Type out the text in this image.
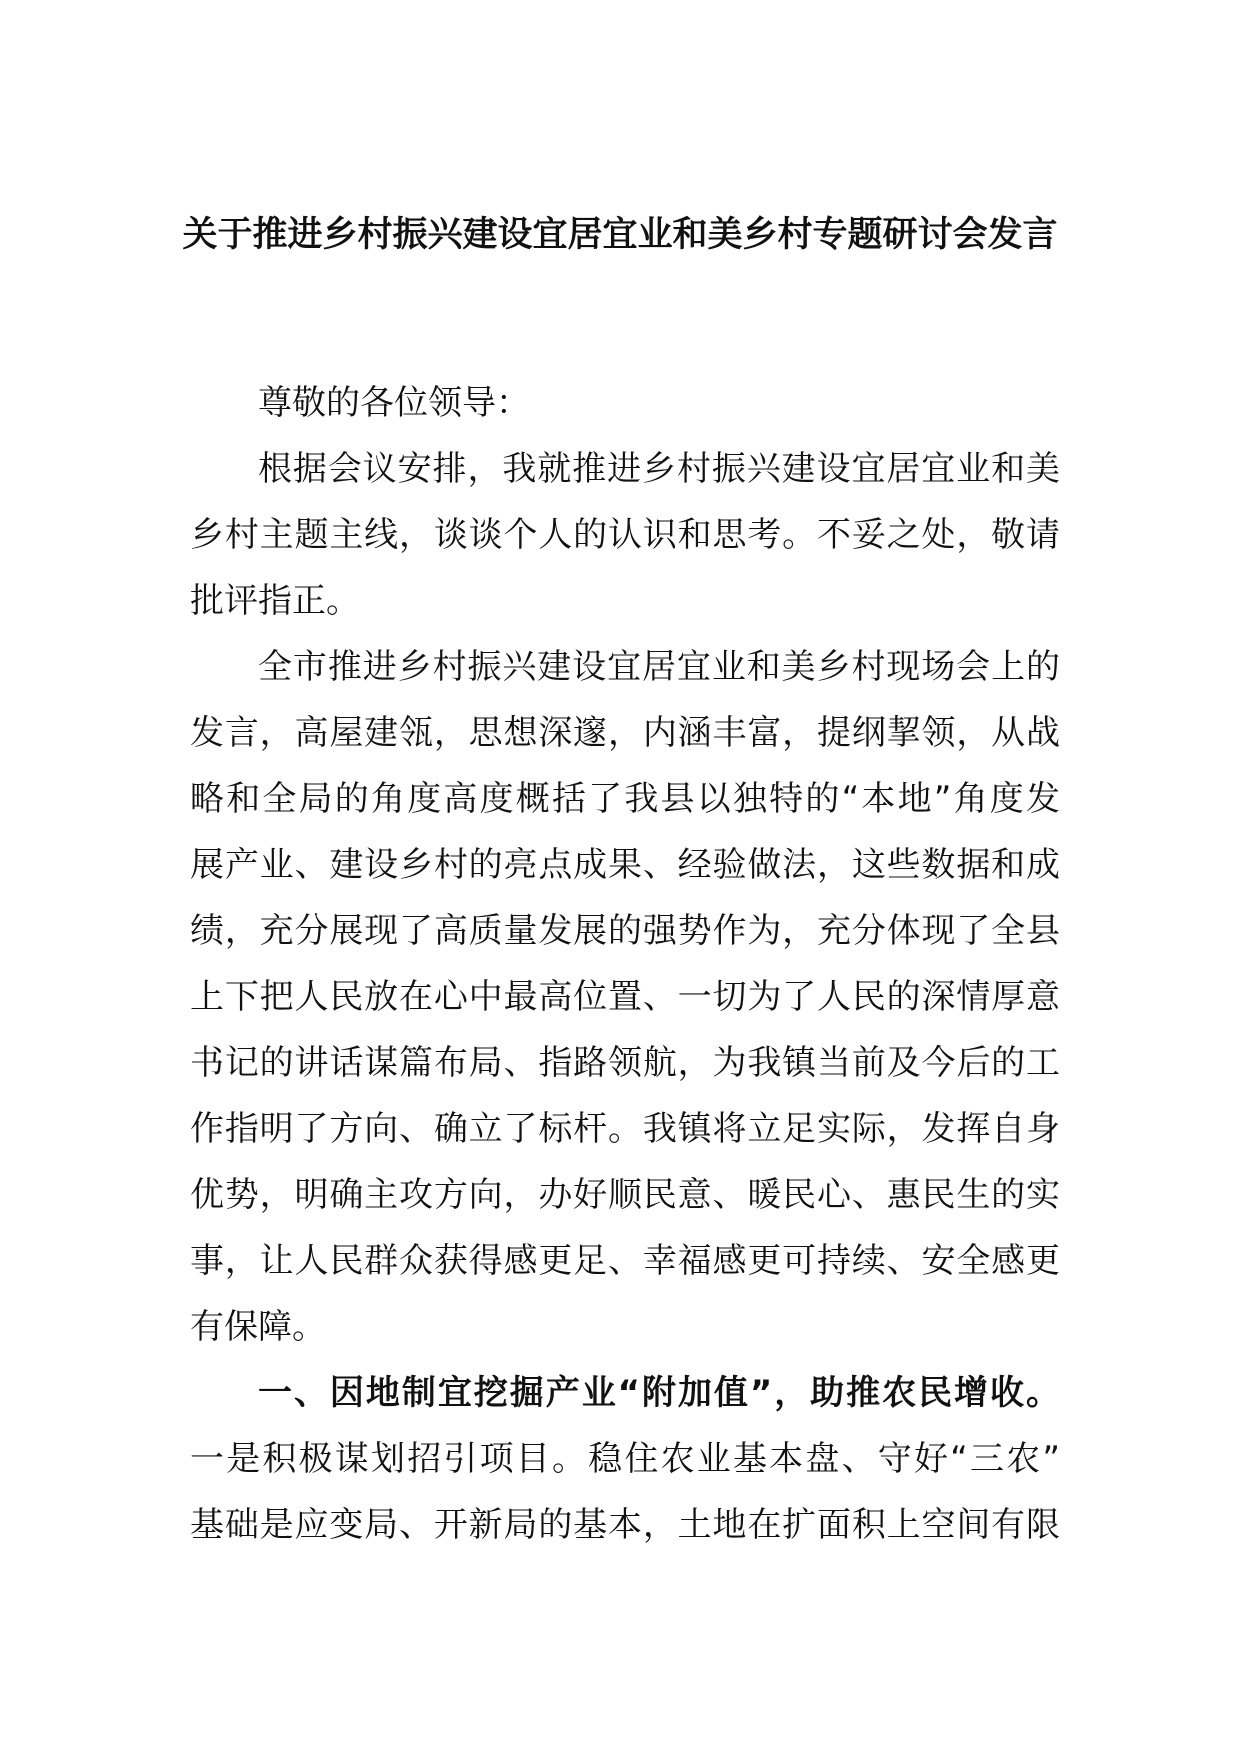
关于推进乡村振兴建设宜居宜业和美乡村专题研讨会发言

尊敬的各位领导：

根据会议安排，我就推进乡村振兴建设宜居宜业和美
乡村主题主线，谈谈个人的认识和思考。不妥之处，敬请
批评指正。

全市推进乡村振兴建设宜居宜业和美乡村现场会上的
发言，高屋建瓴，思想深邃，内涵丰富，提纲挈领，从战
略和全局的角度高度概括了我县以独特的“本地”角度发
展产业、建设乡村的亮点成果、经验做法，这些数据和成
绩，充分展现了高质量发展的强势作为，充分体现了全县
上下把人民放在心中最高位置、一切为了人民的深情厚意
书记的讲话谋篇布局、指路领航，为我镇当前及今后的工
作指明了方向、确立了标杆。我镇将立足实际，发挥自身
优势，明确主攻方向，办好顺民意、暖民心、惠民生的实
事，让人民群众获得感更足、幸福感更可持续、安全感更
有保障。

一、因地制宜挖掘产业“附加值”，助推农民增收。
一是积极谋划招引项目。稳住农业基本盘、守好“三农”
基础是应变局、开新局的基本，土地在扩面积上空间有限
